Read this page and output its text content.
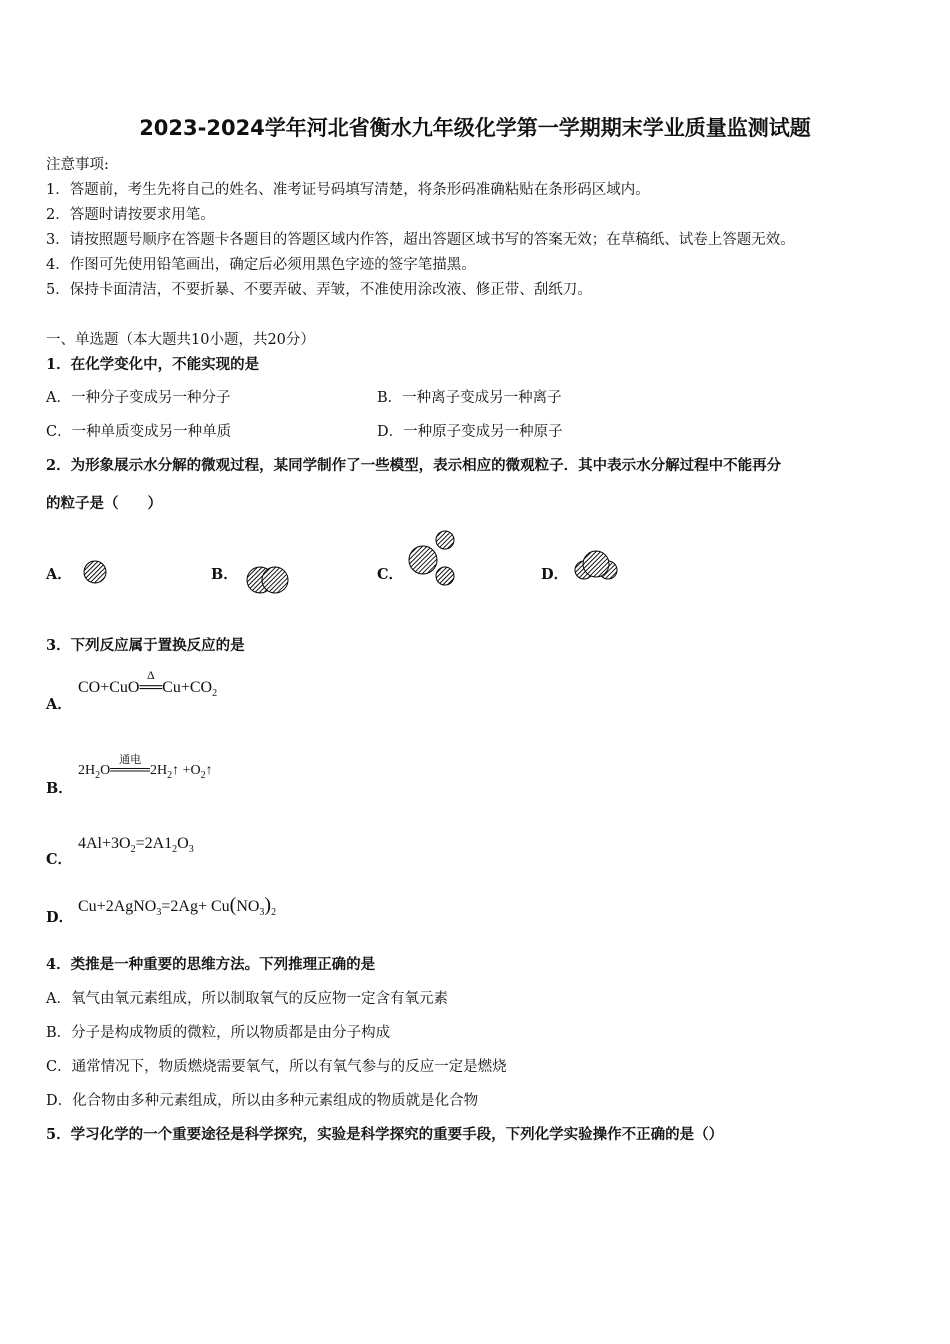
2023-2024学年河北省衡水九年级化学第一学期期末学业质量监测试题
注意事项:
1．答题前，考生先将自己的姓名、准考证号码填写清楚，将条形码准确粘贴在条形码区域内。
2．答题时请按要求用笔。
3．请按照题号顺序在答题卡各题目的答题区域内作答，超出答题区域书写的答案无效；在草稿纸、试卷上答题无效。
4．作图可先使用铅笔画出，确定后必须用黑色字迹的签字笔描黑。
5．保持卡面清洁，不要折暴、不要弄破、弄皱，不准使用涂改液、修正带、刮纸刀。
一、单选题（本大题共10小题，共20分）
1．在化学变化中，不能实现的是
A．一种分子变成另一种分子	B．一种离子变成另一种离子
C．一种单质变成另一种单质	D．一种原子变成另一种原子
2．为形象展示水分解的微观过程，某同学制作了一些模型，表示相应的微观粒子．其中表示水分解过程中不能再分
的粒子是（　　）
A．	B．	C．	D．
3．下列反应属于置换反应的是
A．
CO+CuO
Δ
$══Cu+CO_2$
B．
$2H_2O$
通电
$════2H_2↑$ $+O_2↑$
C．
$4Al+3O_2=2A1_2O_3$
D．
Cu+2AgNO$_3$=2Ag+ $Cu(NO_3)_2$
4．类推是一种重要的思维方法。下列推理正确的是
A．氧气由氧元素组成，所以制取氧气的反应物一定含有氧元素
B．分子是构成物质的微粒，所以物质都是由分子构成
C．通常情况下，物质燃烧需要氧气，所以有氧气参与的反应一定是燃烧
D．化合物由多种元素组成，所以由多种元素组成的物质就是化合物
5．学习化学的一个重要途径是科学探究，实验是科学探究的重要手段，下列化学实验操作不正确的是（）
